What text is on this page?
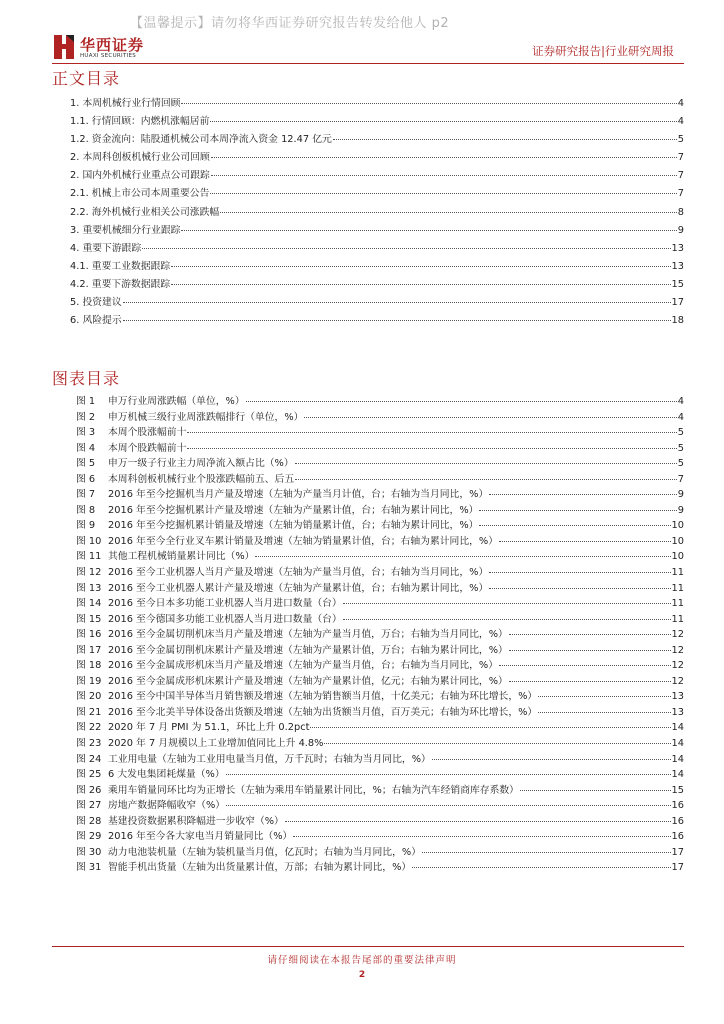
【温馨提示】请勿将华西证券研究报告转发给他人 p2
华西证券
HUAXI SECURITIES	证券研究报告|行业研究周报
正文目录
1. 本周机械行业行情回顾	4
1.1. 行情回顾：内燃机涨幅居前	4
1.2. 资金流向：陆股通机械公司本周净流入资金 12.47 亿元	5
2. 本周科创板机械行业公司回顾	7
2. 国内外机械行业重点公司跟踪	7
2.1. 机械上市公司本周重要公告	7
2.2. 海外机械行业相关公司涨跌幅	8
3. 重要机械细分行业跟踪	9
4. 重要下游跟踪	13
4.1. 重要工业数据跟踪	13
4.2. 重要下游数据跟踪	15
5. 投资建议	17
6. 风险提示	18
图表目录
图 1	申万行业周涨跌幅（单位，%）	4
图 2	申万机械三级行业周涨跌幅排行（单位，%）	4
图 3	本周个股涨幅前十	5
图 4	本周个股跌幅前十	5
图 5	申万一级子行业主力周净流入额占比（%）	5
图 6	本周科创板机械行业个股涨跌幅前五、后五	7
图 7	2016 年至今挖掘机当月产量及增速（左轴为产量当月计值，台；右轴为当月同比，%）	9
图 8	2016 年至今挖掘机累计产量及增速（左轴为产量累计值，台；右轴为累计同比，%）	9
图 9	2016 年至今挖掘机累计销量及增速（左轴为销量累计值，台；右轴为累计同比，%）	10
图 10 2016 年至今全行业叉车累计销量及增速（左轴为销量累计值，台；右轴为累计同比，%）	10
图 11 其他工程机械销量累计同比（%）	10
图 12 2016 至今工业机器人当月产量及增速（左轴为产量当月值，台；右轴为当月同比，%）	11
图 13 2016 至今工业机器人累计产量及增速（左轴为产量累计值，台；右轴为累计同比，%）	11
图 14 2016 至今日本多功能工业机器人当月进口数量（台）	11
图 15 2016 至今德国多功能工业机器人当月进口数量（台）	11
图 16 2016 至今金属切削机床当月产量及增速（左轴为产量当月值，万台；右轴为当月同比，%）	12
图 17 2016 至今金属切削机床累计产量及增速（左轴为产量累计值，万台；右轴为累计同比，%）	12
图 18 2016 至今金属成形机床当月产量及增速（左轴为产量当月值，台；右轴为当月同比，%）	12
图 19 2016 至今金属成形机床累计产量及增速（左轴为产量累计值，亿元；右轴为累计同比，%）	12
图 20 2016 至今中国半导体当月销售额及增速（左轴为销售额当月值，十亿美元；右轴为环比增长，%）	13
图 21 2016 至今北美半导体设备出货额及增速（左轴为出货额当月值，百万美元；右轴为环比增长，%）	13
图 22 2020 年 7 月 PMI 为 51.1，环比上升 0.2pct	14
图 23 2020 年 7 月规模以上工业增加值同比上升 4.8%	14
图 24 工业用电量（左轴为工业用电量当月值，万千瓦时；右轴为当月同比，%）	14
图 25 6 大发电集团耗煤量（%）	14
图 26 乘用车销量同环比均为正增长（左轴为乘用车销量累计同比，%；右轴为汽车经销商库存系数）	15
图 27 房地产数据降幅收窄（%）	16
图 28 基建投资数据累积降幅进一步收窄（%）	16
图 29 2016 年至今各大家电当月销量同比（%）	16
图 30 动力电池装机量（左轴为装机量当月值，亿瓦时；右轴为当月同比，%）	17
图 31 智能手机出货量（左轴为出货量累计值，万部；右轴为累计同比，%）	17
请仔细阅读在本报告尾部的重要法律声明
2
